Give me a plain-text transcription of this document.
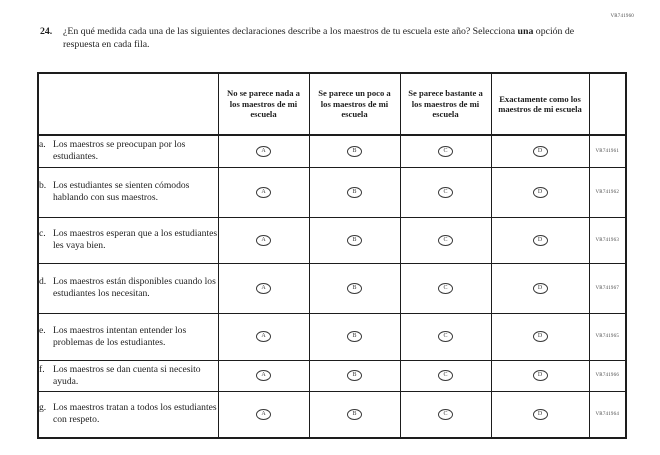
VR741960
24.	¿En qué medida cada una de las siguientes declaraciones describe a los maestros de tu escuela este año? Selecciona una opción de respuesta en cada fila.
	No se parece nada a los maestros de mi escuela	Se parece un poco a los maestros de mi escuela	Se parece bastante a los maestros de mi escuela	Exactamente como los maestros de mi escuela	

a. Los maestros se preocupan por los estudiantes.	A	B	C	D	VR741961

b. Los estudiantes se sienten cómodos hablando con sus maestros.	A	B	C	D	VR741962

c. Los maestros esperan que a los estudiantes les vaya bien.	A	B	C	D	VR741963

d. Los maestros están disponibles cuando los estudiantes los necesitan.	A	B	C	D	VR741967

e. Los maestros intentan entender los problemas de los estudiantes.	A	B	C	D	VR741965

f. Los maestros se dan cuenta si necesito ayuda.	A	B	C	D	VR741966

g. Los maestros tratan a todos los estudiantes con respeto.	A	B	C	D	VR741964
